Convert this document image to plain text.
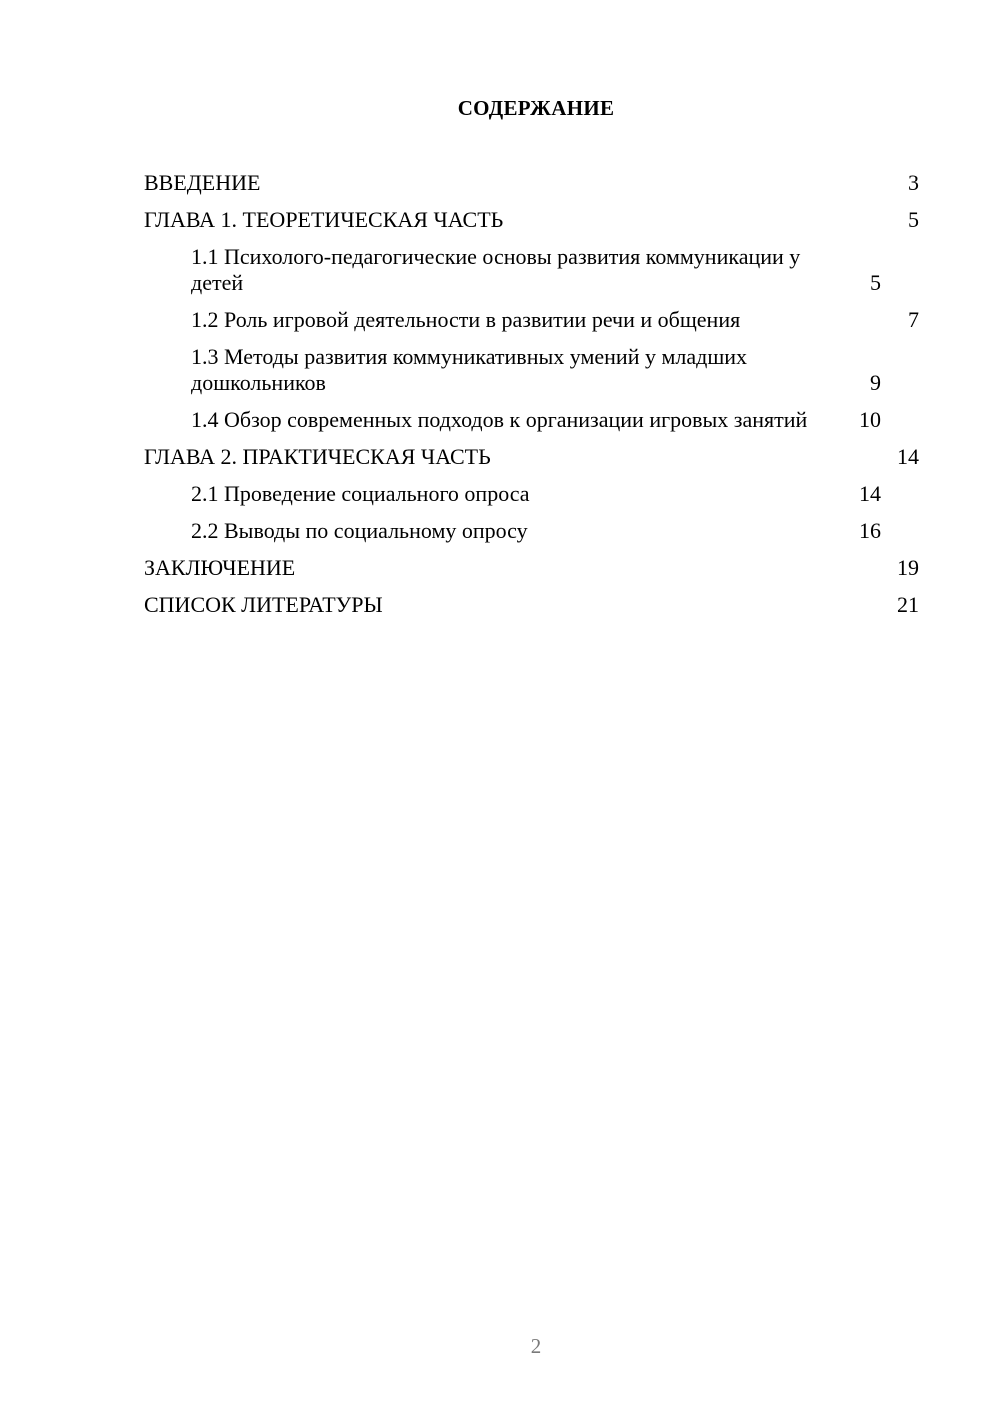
СОДЕРЖАНИЕ
ВВЕДЕНИЕ	3
ГЛАВА 1. ТЕОРЕТИЧЕСКАЯ ЧАСТЬ	5
1.1 Психолого-педагогические основы развития коммуникации у детей	5
1.2 Роль игровой деятельности в развитии речи и общения	7
1.3 Методы развития коммуникативных умений у младших дошкольников	9
1.4 Обзор современных подходов к организации игровых занятий	10
ГЛАВА 2. ПРАКТИЧЕСКАЯ ЧАСТЬ	14
2.1 Проведение социального опроса	14
2.2 Выводы по социальному опросу	16
ЗАКЛЮЧЕНИЕ	19
СПИСОК ЛИТЕРАТУРЫ	21
2
